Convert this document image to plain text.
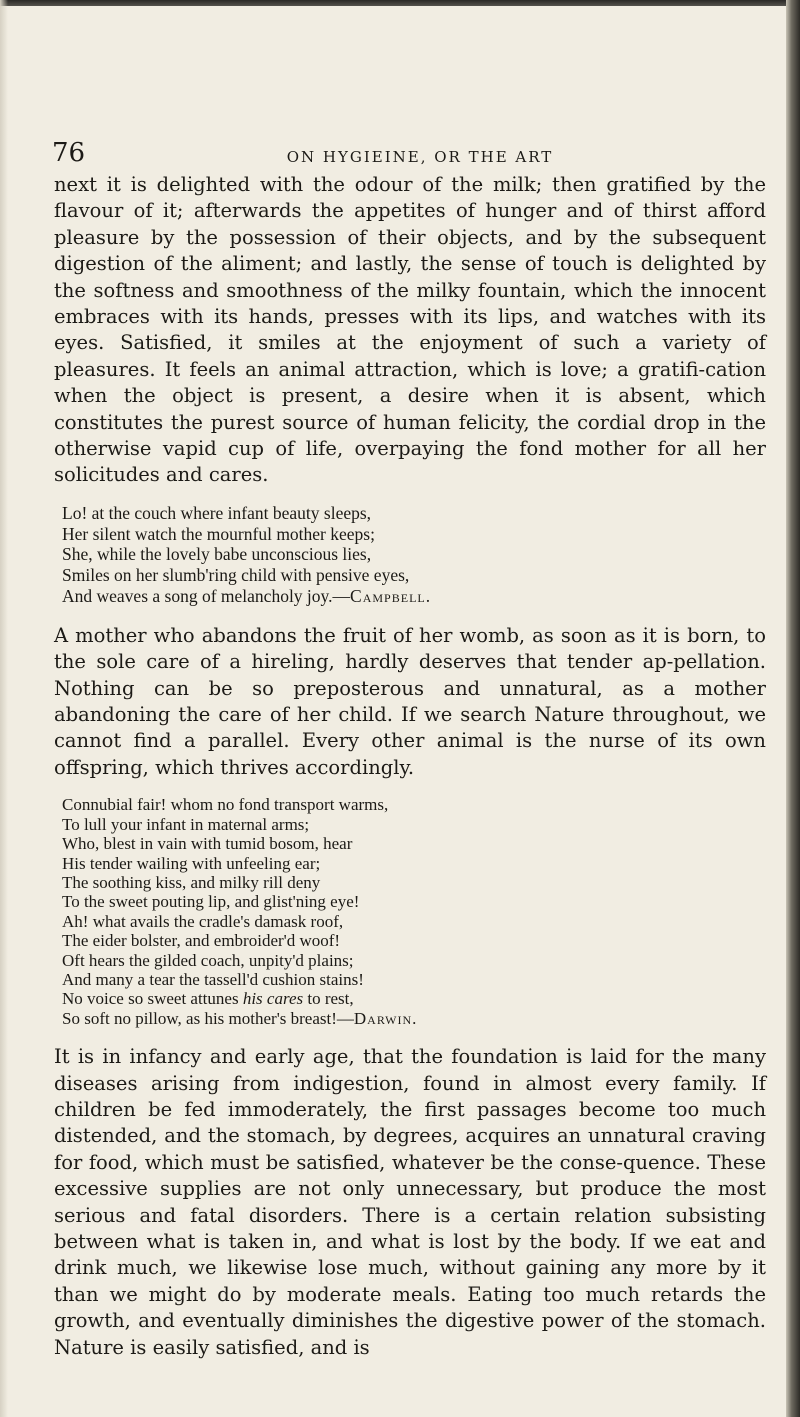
76	ON HYGIEINE, OR THE ART

next it is delighted with the odour of the milk; then gratified by the flavour of it; afterwards the appetites of hunger and of thirst afford pleasure by the possession of their objects, and by the subsequent digestion of the aliment; and lastly, the sense of touch is delighted by the softness and smoothness of the milky fountain, which the innocent embraces with its hands, presses with its lips, and watches with its eyes. Satisfied, it smiles at the enjoyment of such a variety of pleasures. It feels an animal attraction, which is love; a gratifi-cation when the object is present, a desire when it is absent, which constitutes the purest source of human felicity, the cordial drop in the otherwise vapid cup of life, overpaying the fond mother for all her solicitudes and cares.

Lo! at the couch where infant beauty sleeps,
Her silent watch the mournful mother keeps;
She, while the lovely babe unconscious lies,
Smiles on her slumb'ring child with pensive eyes,
And weaves a song of melancholy joy.—Campbell.

A mother who abandons the fruit of her womb, as soon as it is born, to the sole care of a hireling, hardly deserves that tender ap-pellation. Nothing can be so preposterous and unnatural, as a mother abandoning the care of her child. If we search Nature throughout, we cannot find a parallel. Every other animal is the nurse of its own offspring, which thrives accordingly.

Connubial fair! whom no fond transport warms,
To lull your infant in maternal arms;
Who, blest in vain with tumid bosom, hear
His tender wailing with unfeeling ear;
The soothing kiss, and milky rill deny
To the sweet pouting lip, and glist'ning eye!
Ah! what avails the cradle's damask roof,
The eider bolster, and embroider'd woof!
Oft hears the gilded coach, unpity'd plains;
And many a tear the tassell'd cushion stains!
No voice so sweet attunes his cares to rest,
So soft no pillow, as his mother's breast!—Darwin.

It is in infancy and early age, that the foundation is laid for the many diseases arising from indigestion, found in almost every family. If children be fed immoderately, the first passages become too much distended, and the stomach, by degrees, acquires an unnatural craving for food, which must be satisfied, whatever be the conse-quence. These excessive supplies are not only unnecessary, but produce the most serious and fatal disorders. There is a certain relation subsisting between what is taken in, and what is lost by the body. If we eat and drink much, we likewise lose much, without gaining any more by it than we might do by moderate meals. Eating too much retards the growth, and eventually diminishes the digestive power of the stomach. Nature is easily satisfied, and is
